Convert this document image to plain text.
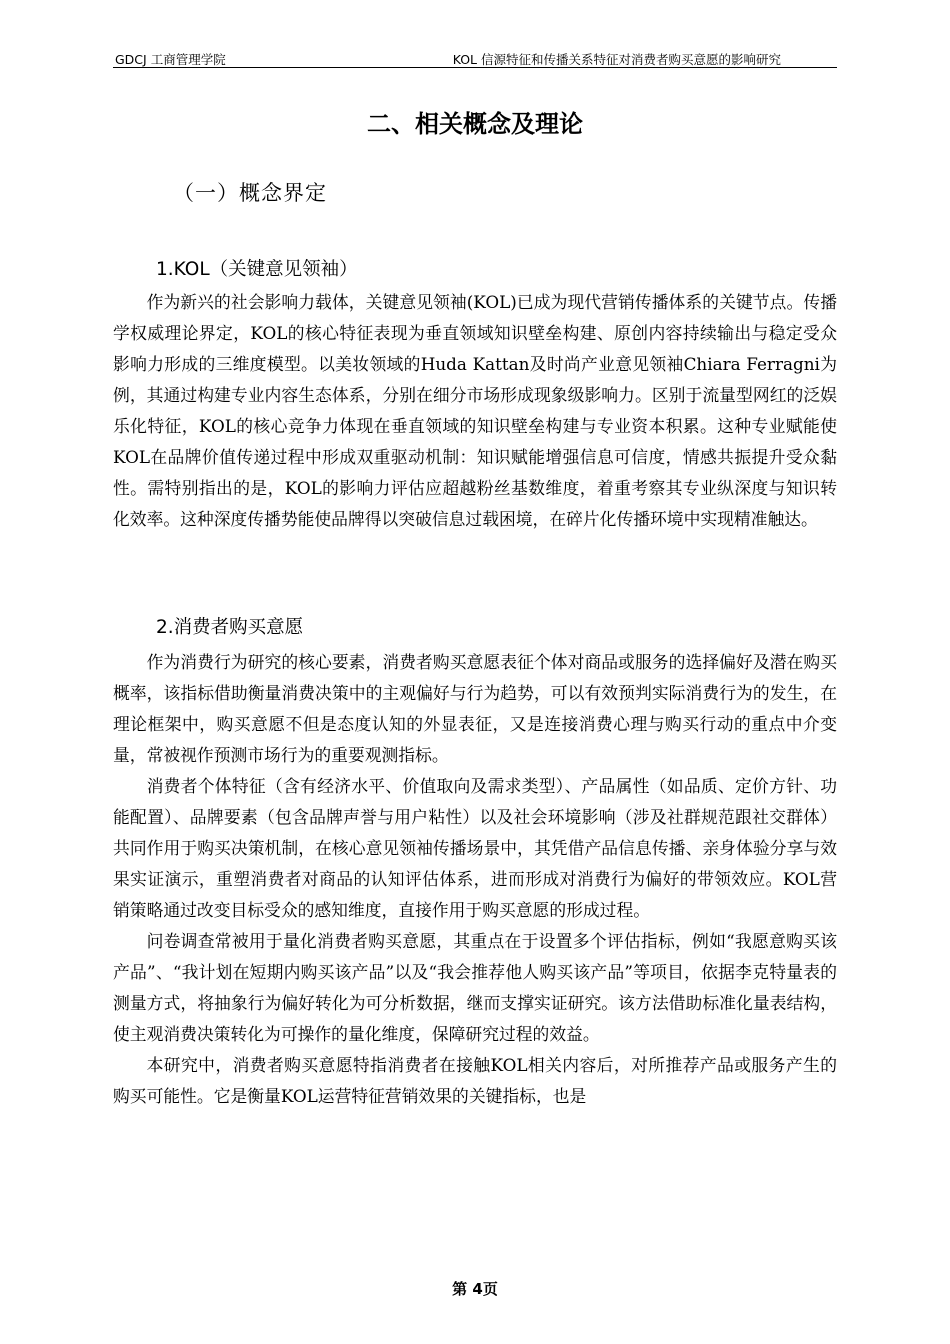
GDCJ 工商管理学院	KOL 信源特征和传播关系特征对消费者购买意愿的影响研究
二、相关概念及理论
（一）概念界定
1.KOL（关键意见领袖）

作为新兴的社会影响力载体，关键意见领袖(KOL)已成为现代营销传播体系的关键节点。传播学权威理论界定，KOL的核心特征表现为垂直领域知识壁垒构建、原创内容持续输出与稳定受众影响力形成的三维度模型。以美妆领域的Huda Kattan及时尚产业意见领袖Chiara Ferragni为例，其通过构建专业内容生态体系，分别在细分市场形成现象级影响力。区别于流量型网红的泛娱乐化特征，KOL的核心竞争力体现在垂直领域的知识壁垒构建与专业资本积累。这种专业赋能使KOL在品牌价值传递过程中形成双重驱动机制：知识赋能增强信息可信度，情感共振提升受众黏性。需特别指出的是，KOL的影响力评估应超越粉丝基数维度，着重考察其专业纵深度与知识转化效率。这种深度传播势能使品牌得以突破信息过载困境，在碎片化传播环境中实现精准触达。

2.消费者购买意愿

作为消费行为研究的核心要素，消费者购买意愿表征个体对商品或服务的选择偏好及潜在购买概率，该指标借助衡量消费决策中的主观偏好与行为趋势，可以有效预判实际消费行为的发生，在理论框架中，购买意愿不但是态度认知的外显表征，又是连接消费心理与购买行动的重点中介变量，常被视作预测市场行为的重要观测指标。

消费者个体特征（含有经济水平、价值取向及需求类型）、产品属性（如品质、定价方针、功能配置）、品牌要素（包含品牌声誉与用户粘性）以及社会环境影响（涉及社群规范跟社交群体）共同作用于购买决策机制，在核心意见领袖传播场景中，其凭借产品信息传播、亲身体验分享与效果实证演示，重塑消费者对商品的认知评估体系，进而形成对消费行为偏好的带领效应。KOL营销策略通过改变目标受众的感知维度，直接作用于购买意愿的形成过程。

问卷调查常被用于量化消费者购买意愿，其重点在于设置多个评估指标，例如“我愿意购买该产品”、“我计划在短期内购买该产品”以及“我会推荐他人购买该产品”等项目，依据李克特量表的测量方式，将抽象行为偏好转化为可分析数据，继而支撑实证研究。该方法借助标准化量表结构，使主观消费决策转化为可操作的量化维度，保障研究过程的效益。

本研究中，消费者购买意愿特指消费者在接触KOL相关内容后，对所推荐产品或服务产生的购买可能性。它是衡量KOL运营特征营销效果的关键指标，也是

第 4页
